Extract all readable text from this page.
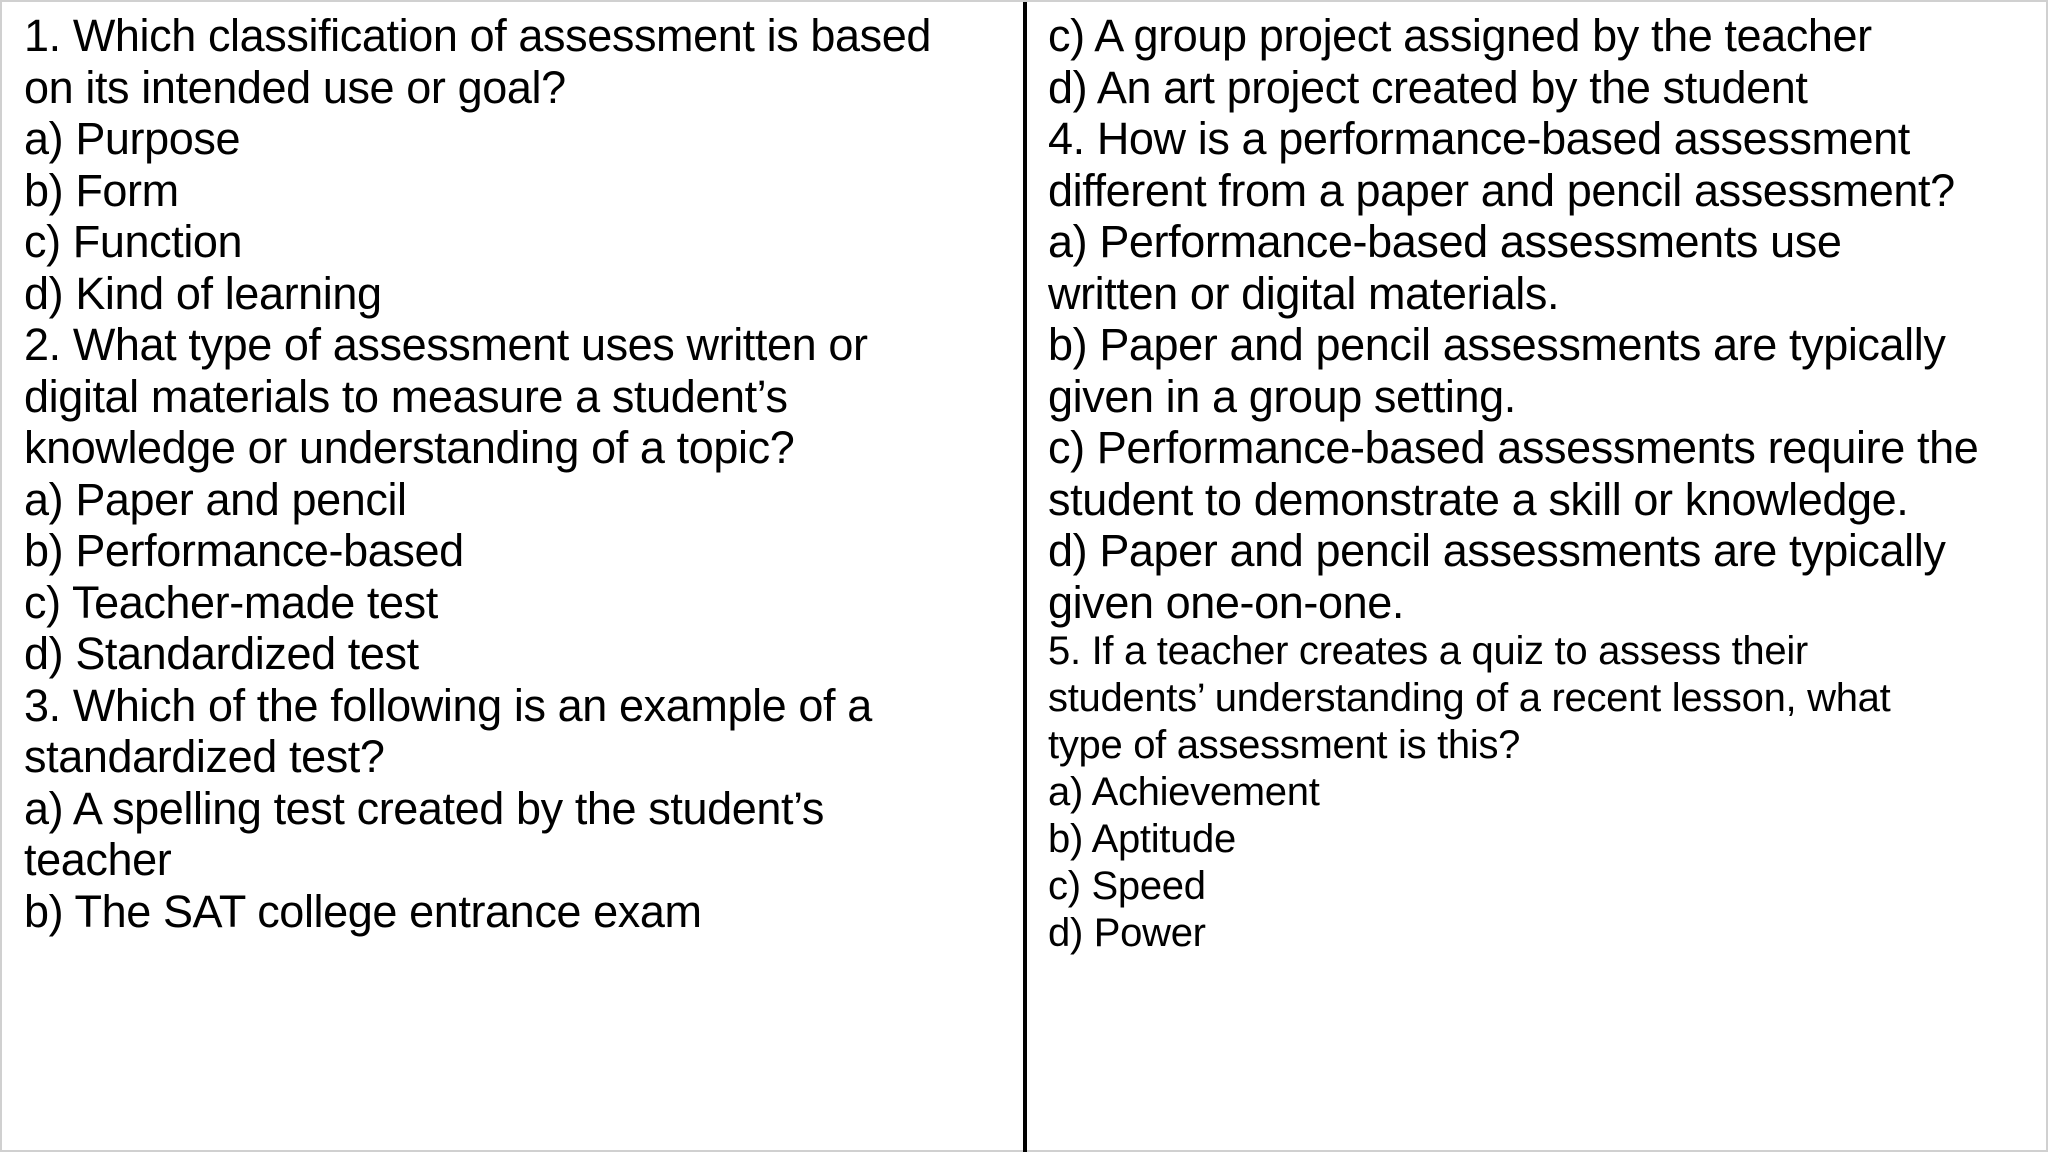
1. Which classification of assessment is based

on its intended use or goal?

a) Purpose

b) Form

c) Function

d) Kind of learning

2. What type of assessment uses written or

digital materials to measure a student’s

knowledge or understanding of a topic?

a) Paper and pencil

b) Performance-based

c) Teacher-made test

d) Standardized test

3. Which of the following is an example of a

standardized test?

a) A spelling test created by the student’s

teacher

b) The SAT college entrance exam

c) A group project assigned by the teacher

d) An art project created by the student

4. How is a performance-based assessment

different from a paper and pencil assessment?

a) Performance-based assessments use

written or digital materials.

b) Paper and pencil assessments are typically

given in a group setting.

c) Performance-based assessments require the

student to demonstrate a skill or knowledge.

d) Paper and pencil assessments are typically

given one-on-one.

5. If a teacher creates a quiz to assess their

students’ understanding of a recent lesson, what

type of assessment is this?

a) Achievement

b) Aptitude

c) Speed

d) Power
